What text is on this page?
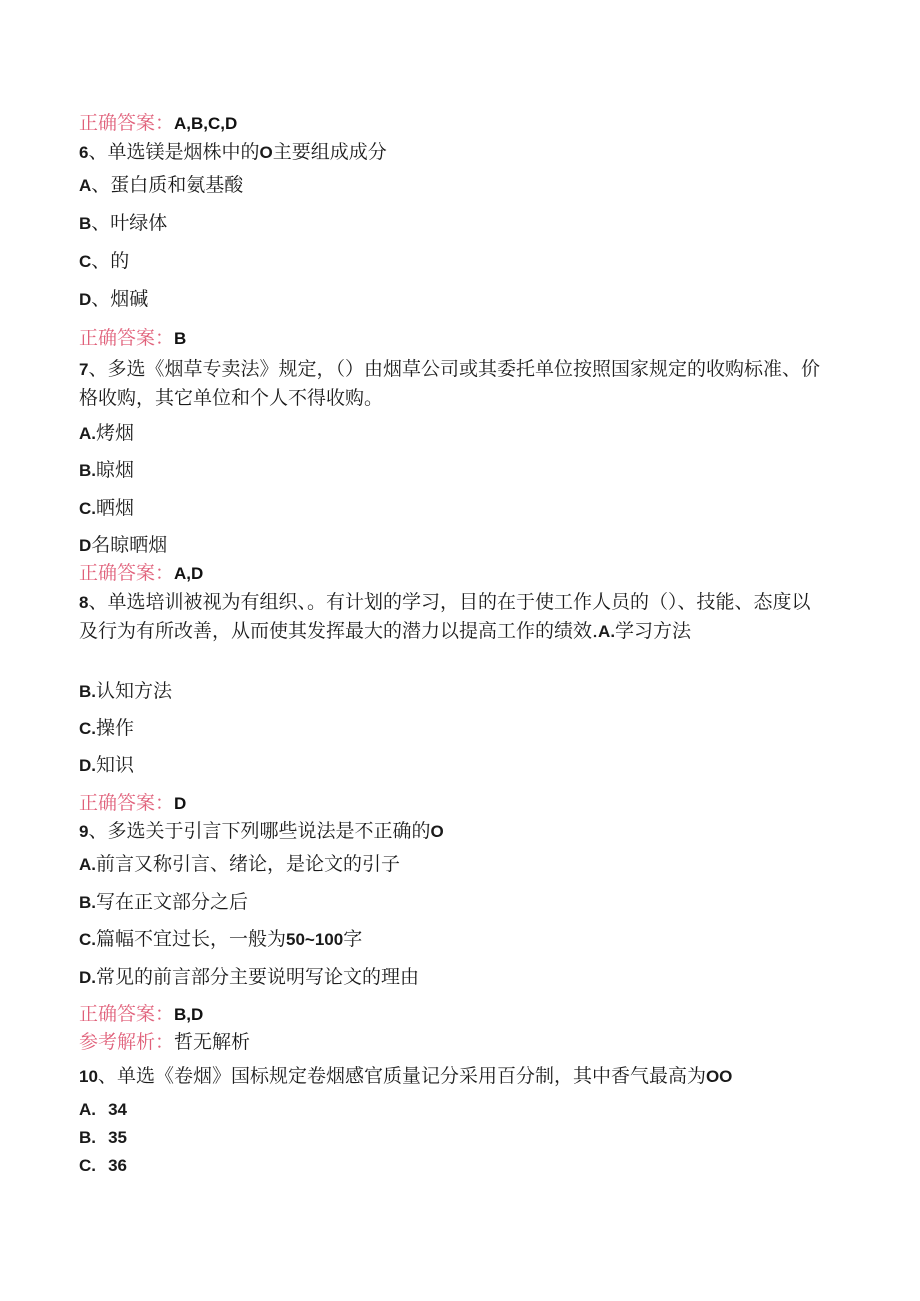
正确答案：A,B,C,D
6、单选镁是烟株中的O主要组成成分
A、蛋白质和氨基酸
B、叶绿体
C、的
D、烟碱
正确答案：B
7、多选《烟草专卖法》规定，（）由烟草公司或其委托单位按照国家规定的收购标准、价格收购，其它单位和个人不得收购。
A.烤烟
B.晾烟
C.晒烟
D名晾晒烟
正确答案：A,D
8、单选培训被视为有组织、。有计划的学习，目的在于使工作人员的（）、技能、态度以及行为有所改善，从而使其发挥最大的潜力以提高工作的绩效.A.学习方法
B.认知方法
C.操作
D.知识
正确答案：D
9、多选关于引言下列哪些说法是不正确的O
A.前言又称引言、绪论，是论文的引子
B.写在正文部分之后
C.篇幅不宜过长，一般为50~100字
D.常见的前言部分主要说明写论文的理由
正确答案：B,D
参考解析：哲无解析
10、单选《卷烟》国标规定卷烟感官质量记分采用百分制，其中香气最高为OO
A. 34
B. 35
C. 36
